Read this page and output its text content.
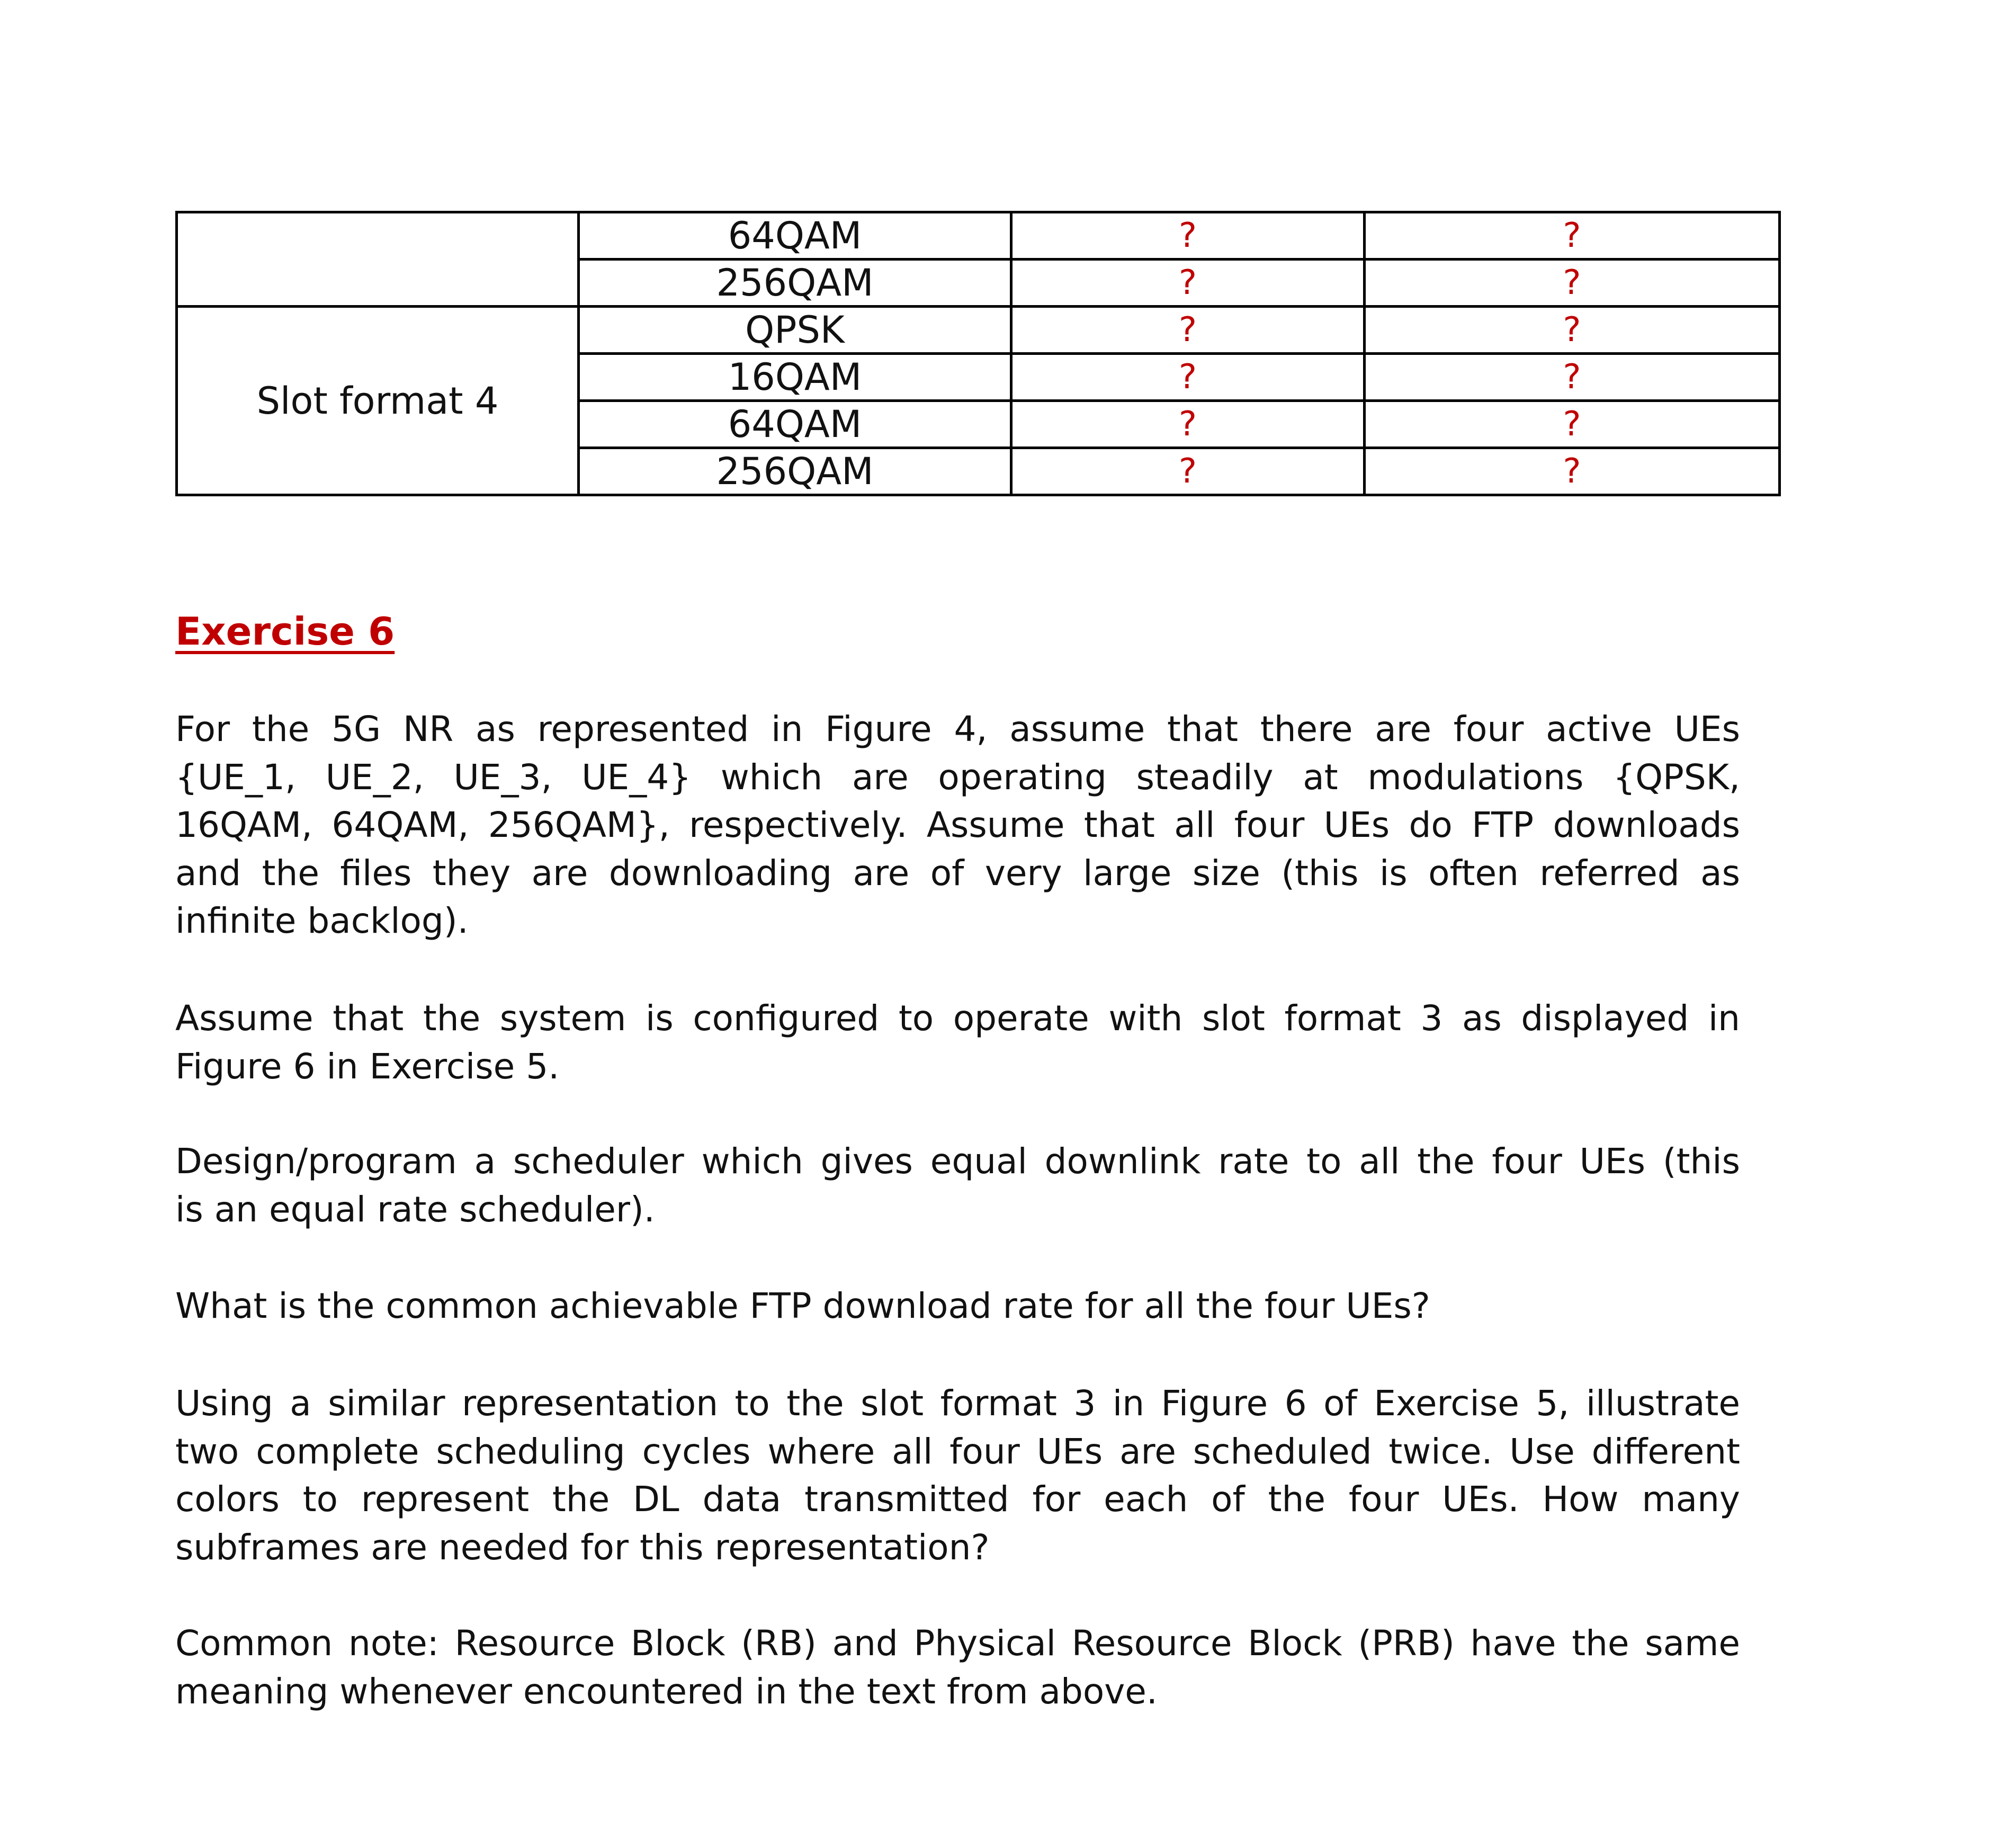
	64QAM	?	?
	256QAM	?	?
Slot format 4	QPSK	?	?
	16QAM	?	?
	64QAM	?	?
	256QAM	?	?
Exercise 6
For the 5G NR as represented in Figure 4, assume that there are four active UEs
{UE_1, UE_2, UE_3, UE_4} which are operating steadily at modulations {QPSK,
16QAM, 64QAM, 256QAM}, respectively. Assume that all four UEs do FTP downloads
and the files they are downloading are of very large size (this is often referred as
infinite backlog).
Assume that the system is configured to operate with slot format 3 as displayed in
Figure 6 in Exercise 5.
Design/program a scheduler which gives equal downlink rate to all the four UEs (this
is an equal rate scheduler).
What is the common achievable FTP download rate for all the four UEs?
Using a similar representation to the slot format 3 in Figure 6 of Exercise 5, illustrate
two complete scheduling cycles where all four UEs are scheduled twice. Use different
colors to represent the DL data transmitted for each of the four UEs. How many
subframes are needed for this representation?
Common note: Resource Block (RB) and Physical Resource Block (PRB) have the same
meaning whenever encountered in the text from above.
